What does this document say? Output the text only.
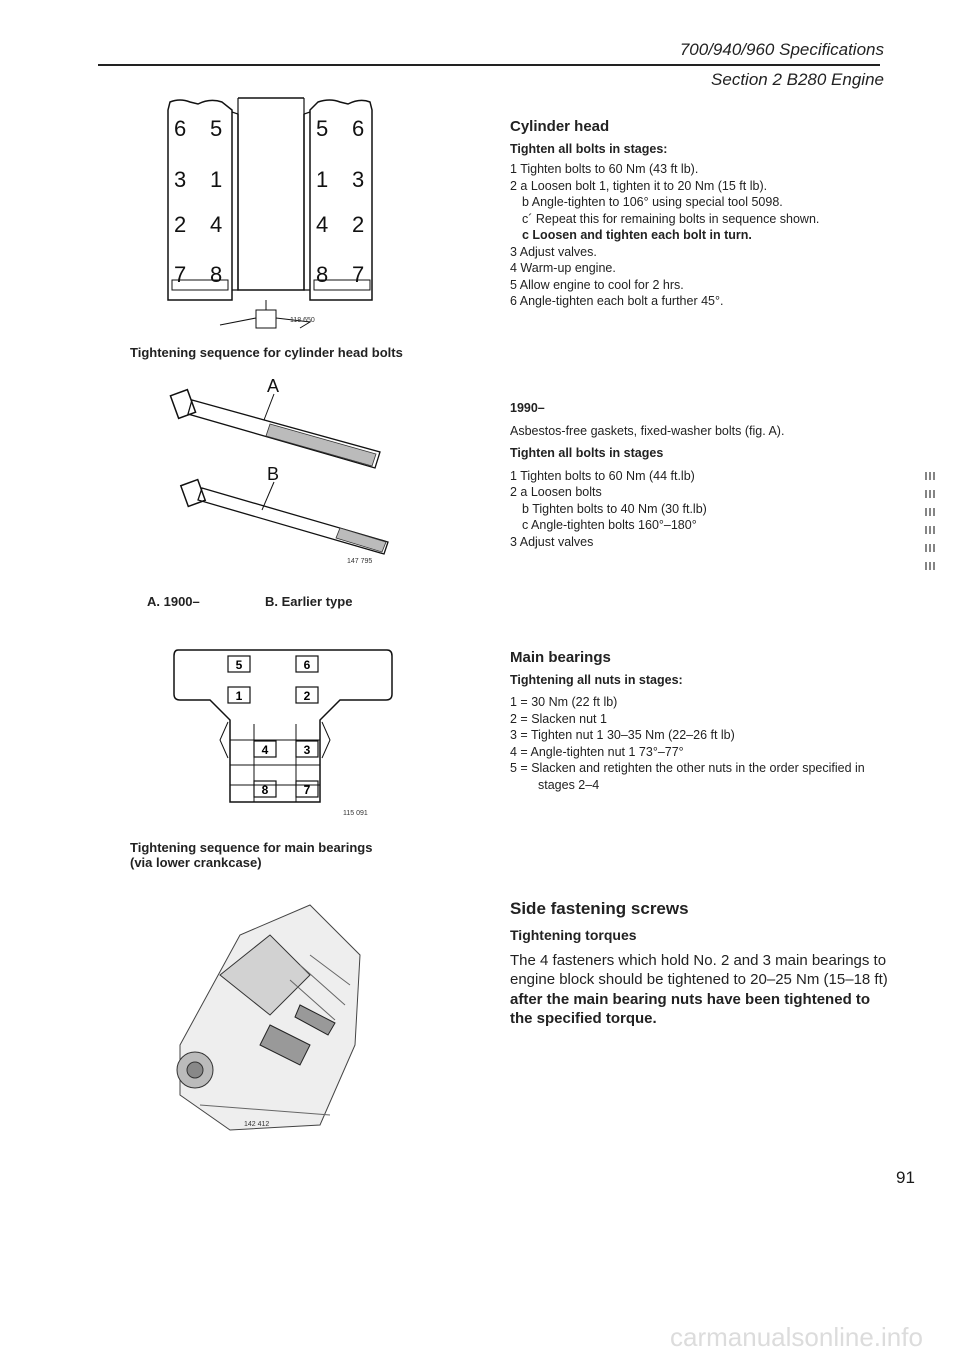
700/940/960 Specifications
Section 2 B280 Engine
6 5
3 1
2 4
7 8
5 6
1 3
4 2
8 7
118 650
Tightening sequence for cylinder head bolts
A
B
147 795
A. 1900–	B. Earlier type
5	6
1	2
4	3
8	7
115 091
Tightening sequence for main bearings
(via lower crankcase)
142 412
Cylinder head
Tighten all bolts in stages:
1 Tighten bolts to 60 Nm (43 ft lb).
2 a Loosen bolt 1, tighten it to 20 Nm (15 ft lb).
b Angle-tighten to 106° using special tool 5098.
c´ Repeat this for remaining bolts in sequence shown.
c Loosen and tighten each bolt in turn.
3 Adjust valves.
4 Warm-up engine.
5 Allow engine to cool for 2 hrs.
6 Angle-tighten each bolt a further 45°.
1990–
Asbestos-free gaskets, fixed-washer bolts (fig. A).
Tighten all bolts in stages
1 Tighten bolts to 60 Nm (44 ft.lb)
2 a Loosen bolts
b Tighten bolts to 40 Nm (30 ft.lb)
c Angle-tighten bolts 160°–180°
3 Adjust valves
Main bearings
Tightening all nuts in stages:
1 = 30 Nm (22 ft lb)
2 = Slacken nut 1
3 = Tighten nut 1 30–35 Nm (22–26 ft lb)
4 = Angle-tighten nut 1 73°–77°
5 = Slacken and retighten the other nuts in the order specified in
stages 2–4
Side fastening screws
Tightening torques
The 4 fasteners which hold No. 2 and 3 main bearings to engine block should be tightened to 20–25 Nm (15–18 ft) after the main bearing nuts have been tightened to the specified torque.
91
carmanualsonline.info
